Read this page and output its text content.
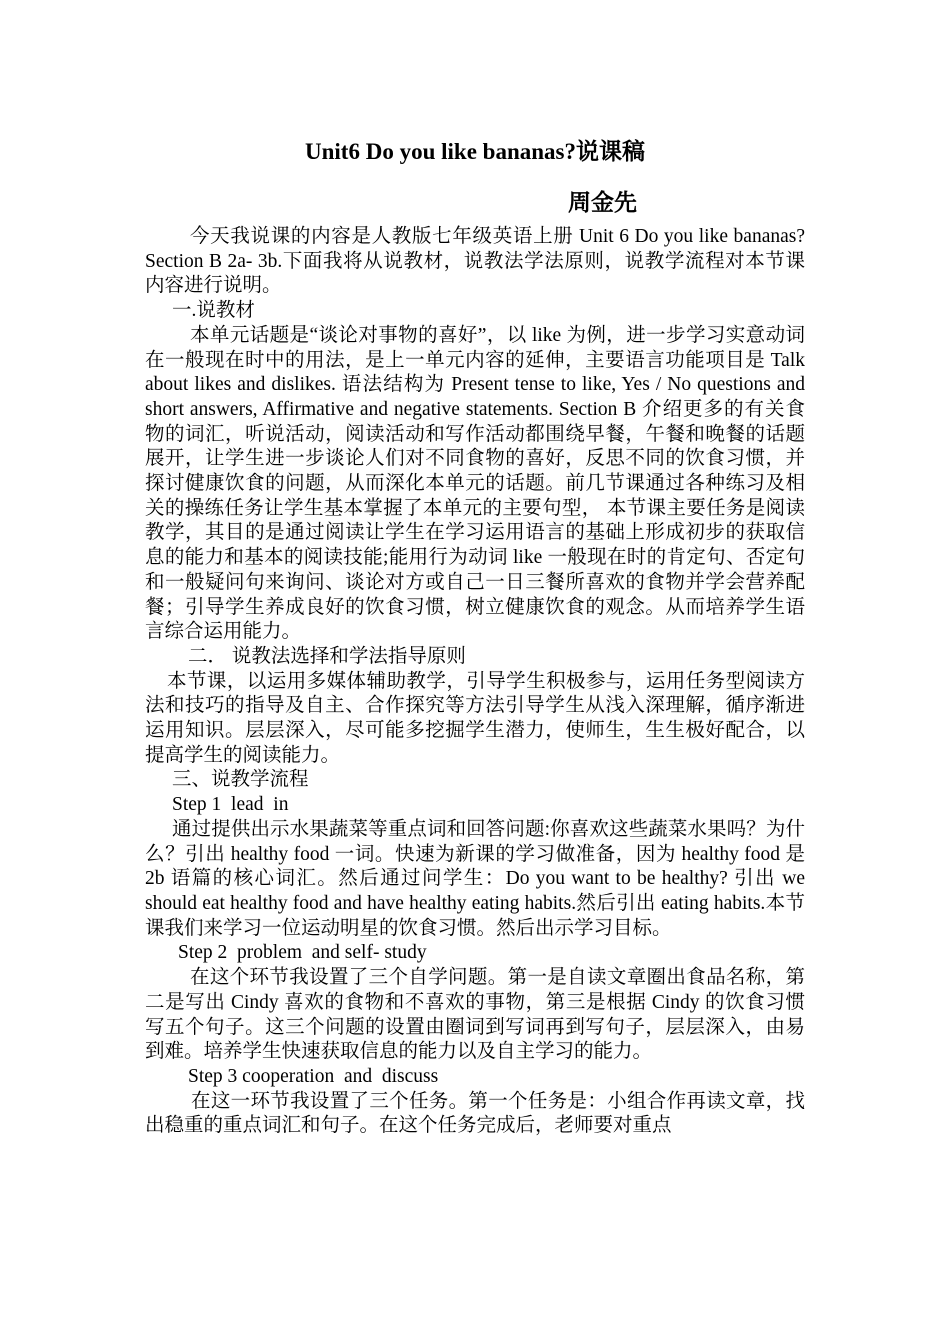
Unit6 Do you like bananas?说课稿
周金先

今天我说课的内容是人教版七年级英语上册 Unit 6 Do you like bananas? Section B 2a- 3b.下面我将从说教材，说教法学法原则，说教学流程对本节课内容进行说明。

一.说教材

本单元话题是“谈论对事物的喜好”，以 like 为例，进一步学习实意动词在一般现在时中的用法，是上一单元内容的延伸，主要语言功能项目是 Talk about likes and dislikes. 语法结构为 Present tense to like, Yes / No questions and short answers, Affirmative and negative statements. Section B 介绍更多的有关食物的词汇，听说活动，阅读活动和写作活动都围绕早餐，午餐和晚餐的话题展开，让学生进一步谈论人们对不同食物的喜好，反思不同的饮食习惯，并探讨健康饮食的问题，从而深化本单元的话题。前几节课通过各种练习及相关的操练任务让学生基本掌握了本单元的主要句型， 本节课主要任务是阅读教学，其目的是通过阅读让学生在学习运用语言的基础上形成初步的获取信息的能力和基本的阅读技能;能用行为动词 like 一般现在时的肯定句、否定句和一般疑问句来询问、谈论对方或自己一日三餐所喜欢的食物并学会营养配餐；引导学生养成良好的饮食习惯，树立健康饮食的观念。从而培养学生语言综合运用能力。

二． 说教法选择和学法指导原则

本节课，以运用多媒体辅助教学，引导学生积极参与，运用任务型阅读方法和技巧的指导及自主、合作探究等方法引导学生从浅入深理解，循序渐进运用知识。层层深入，尽可能多挖掘学生潜力，使师生，生生极好配合，以提高学生的阅读能力。

三、说教学流程

Step 1  lead  in

通过提供出示水果蔬菜等重点词和回答问题:你喜欢这些蔬菜水果吗？为什么？引出 healthy food 一词。快速为新课的学习做准备，因为 healthy food 是 2b 语篇的核心词汇。然后通过问学生：Do you want to be healthy? 引出 we should eat healthy food and have healthy eating habits.然后引出 eating habits.本节课我们来学习一位运动明星的饮食习惯。然后出示学习目标。

Step 2  problem  and self- study

在这个环节我设置了三个自学问题。第一是自读文章圈出食品名称，第二是写出 Cindy 喜欢的食物和不喜欢的事物，第三是根据 Cindy 的饮食习惯写五个句子。这三个问题的设置由圈词到写词再到写句子，层层深入，由易到难。培养学生快速获取信息的能力以及自主学习的能力。

Step 3 cooperation  and  discuss

在这一环节我设置了三个任务。第一个任务是：小组合作再读文章，找出稳重的重点词汇和句子。在这个任务完成后，老师要对重点
